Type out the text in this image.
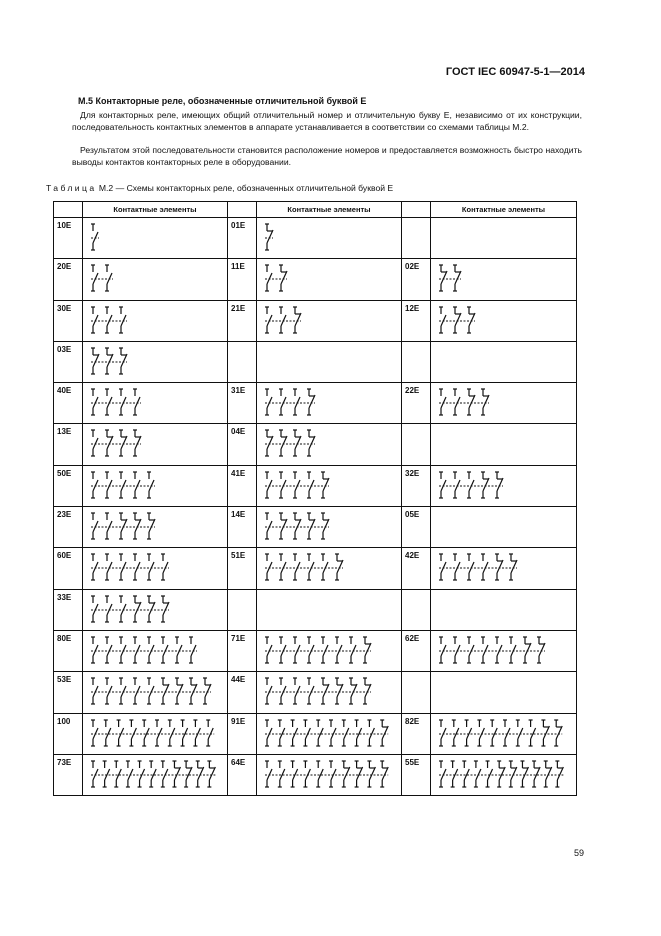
ГОСТ IEC 60947-5-1—2014
М.5 Контакторные реле, обозначенные отличительной буквой E

Для контакторных реле, имеющих общий отличительный номер и отличительную букву E, независимо от их конструкции, последовательность контактных элементов в аппарате устанавливается в соответствии со схемами таблицы М.2.

Результатом этой последовательности становится расположение номеров и предоставляется возможность быстро находить выводы контактов контакторных реле в оборудовании.

Таблица М.2 — Схемы контакторных реле, обозначенных отличительной буквой E
	Контактные элементы		Контактные элементы		Контактные элементы
10E		01E	

20E		11E		02E	

30E		21E		12E	

03E	

40E		31E		22E	

13E		04E	

50E		41E		32E	

23E		14E		05E	
60E		51E		42E	

33E	

80E		71E		62E	

53E		44E	

100		91E		82E	

73E		64E		55E	
59
